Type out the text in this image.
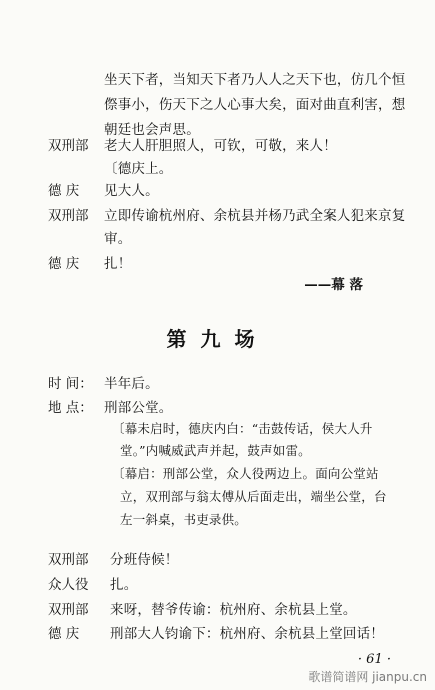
坐天下者，当知天下者乃人人之天下也，仿几个恒
傺事小，伤天下之人心事大矣，面对曲直利害，想
朝廷也会声思。
双刑部 老大人肝胆照人，可钦，可敬，来人！
〔德庆上。
德 庆 见大人。
双刑部 立即传谕杭州府、余杭县并杨乃武全案人犯来京复
审。
德 庆 扎！
——幕 落
第九场
时 间： 半年后。
地 点： 刑部公堂。
〔幕未启时，德庆内白：“击鼓传话，侯大人升
堂。”内喊威武声并起，鼓声如雷。
〔幕启：刑部公堂，众人役两边上。面向公堂站
立，双刑部与翁太傅从后面走出，端坐公堂，台
左一斜桌，书吏录供。
双刑部 分班侍候！
众人役 扎。
双刑部 来呀，替爷传谕：杭州府、余杭县上堂。
德 庆 刑部大人钧谕下：杭州府、余杭县上堂回话！
· 61 ·
歌谱简谱网 jianpu.cn
